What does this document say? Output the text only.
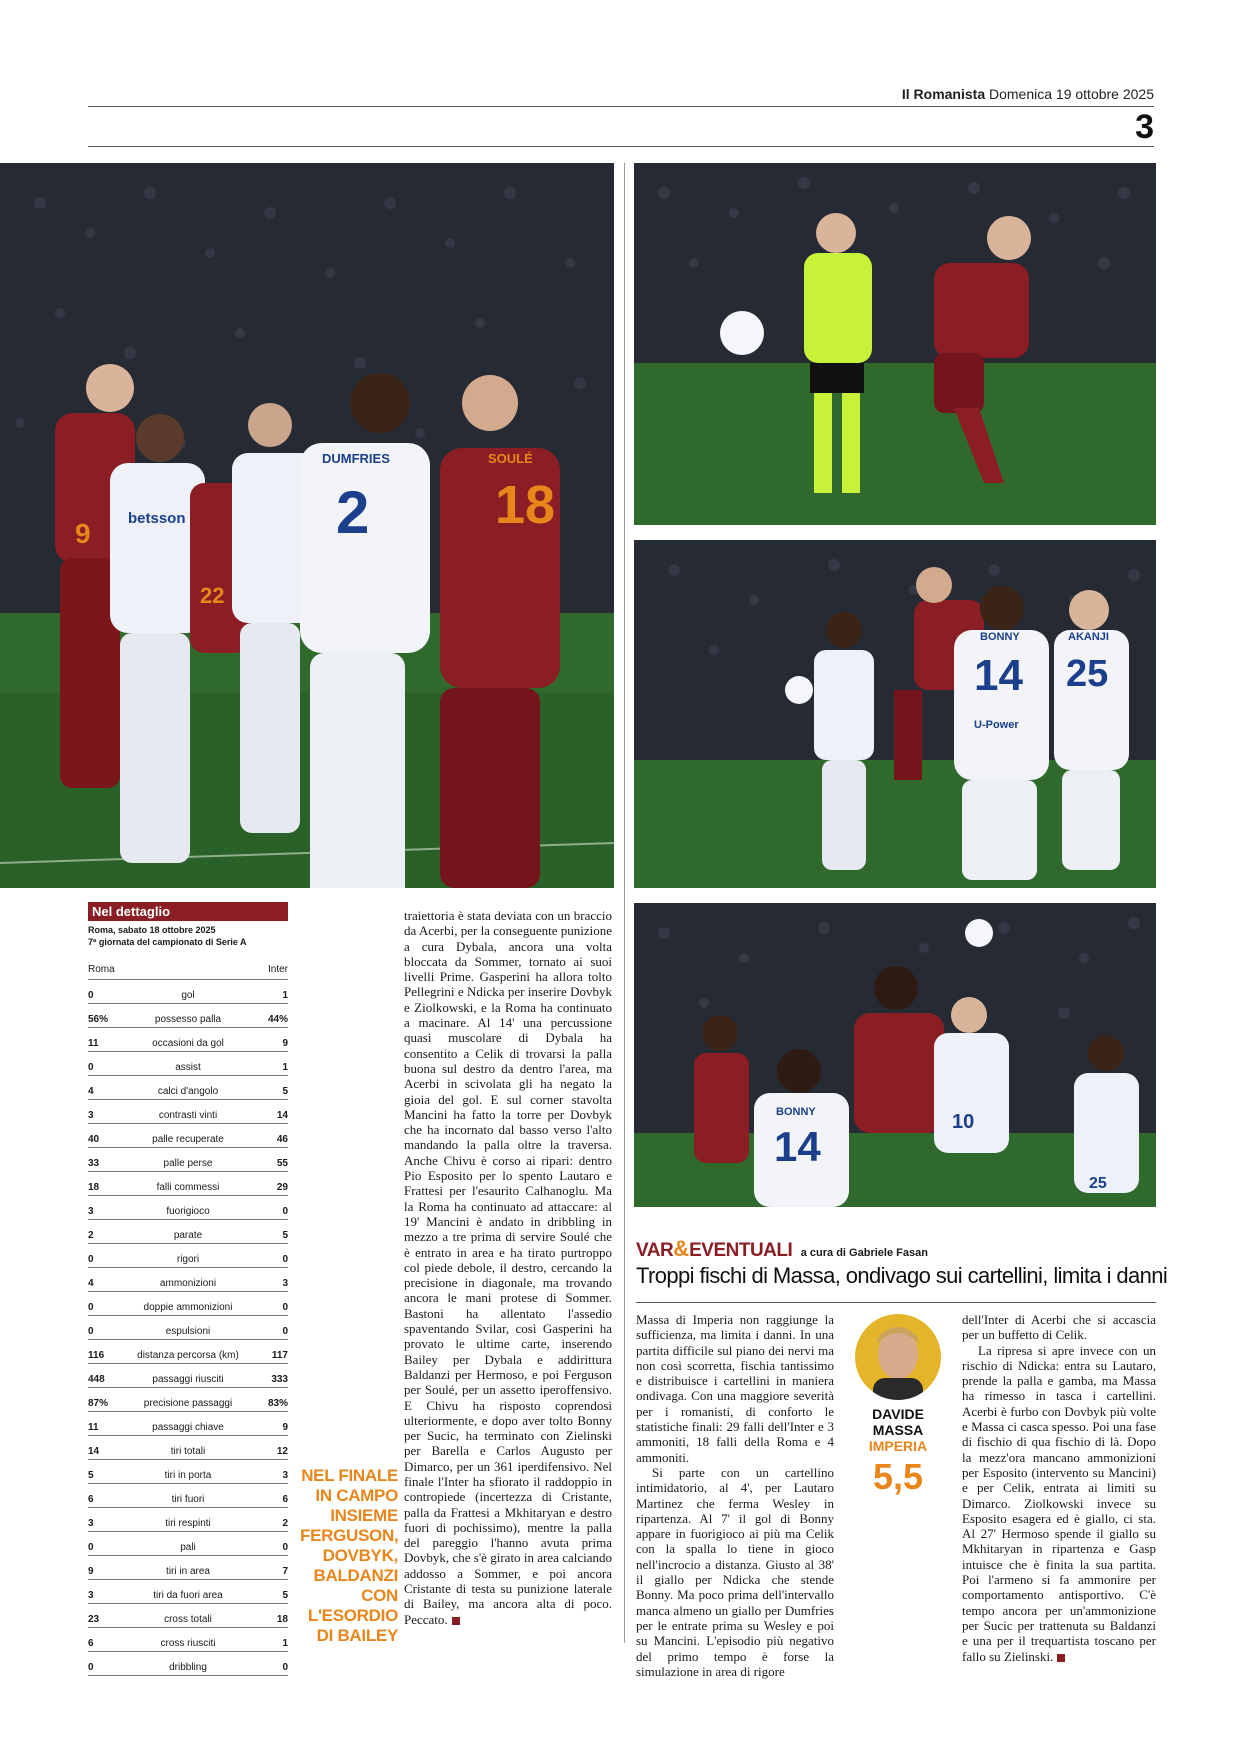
Il Romanista Domenica 19 ottobre 2025
3
9 betsson
22
DUMFRIES
2
SOULÉ
18
BONNY
14
U-Power
AKANJI
25
BONNY
14
10
25
Nel dettaglio
Roma, sabato 18 ottobre 2025
7ª giornata del campionato di Serie A
Roma	Inter
0	gol	1
56%	possesso palla	44%
11	occasioni da gol	9
0	assist	1
4	calci d'angolo	5
3	contrasti vinti	14
40	palle recuperate	46
33	palle perse	55
18	falli commessi	29
3	fuorigioco	0
2	parate	5
0	rigori	0
4	ammonizioni	3
0	doppie ammonizioni	0
0	espulsioni	0
116	distanza percorsa (km)	117
448	passaggi riusciti	333
87%	precisione passaggi	83%
11	passaggi chiave	9
14	tiri totali	12
5	tiri in porta	3
6	tiri fuori	6
3	tiri respinti	2
0	pali	0
9	tiri in area	7
3	tiri da fuori area	5
23	cross totali	18
6	cross riusciti	1
0	dribbling	0
NEL FINALE IN CAMPO INSIEME FERGUSON, DOVBYK, BALDANZI CON L'ESORDIO DI BAILEY

traiettoria è stata deviata con un braccio da Acerbi, per la conseguente punizione a cura Dybala, ancora una volta bloccata da Sommer, tornato ai suoi livelli Prime. Gasperini ha allora tolto Pellegrini e Ndicka per inserire Dovbyk e Ziolkowski, e la Roma ha continuato a macinare. Al 14' una percussione quasi muscolare di Dybala ha consentito a Celik di trovarsi la palla buona sul destro da dentro l'area, ma Acerbi in scivolata gli ha negato la gioia del gol. E sul corner stavolta Mancini ha fatto la torre per Dovbyk che ha incornato dal basso verso l'alto mandando la palla oltre la traversa. Anche Chivu è corso ai ripari: dentro Pio Esposito per lo spento Lautaro e Frattesi per l'esaurito Calhanoglu. Ma la Roma ha continuato ad attaccare: al 19' Mancini è andato in dribbling in mezzo a tre prima di servire Soulé che è entrato in area e ha tirato purtroppo col piede debole, il destro, cercando la precisione in diagonale, ma trovando ancora le mani protese di Sommer. Bastoni ha allentato l'assedio spaventando Svilar, così Gasperini ha provato le ultime carte, inserendo Bailey per Dybala e addirittura Baldanzi per Hermoso, e poi Ferguson per Soulé, per un assetto iperoffensivo. E Chivu ha risposto coprendosi ulteriormente, e dopo aver tolto Bonny per Sucic, ha terminato con Zielinski per Barella e Carlos Augusto per Dimarco, per un 361 iperdifensivo. Nel finale l'Inter ha sfiorato il raddoppio in contropiede (incertezza di Cristante, palla da Frattesi a Mkhitaryan e destro fuori di pochissimo), mentre la palla del pareggio l'hanno avuta prima Dovbyk, che s'è girato in area calciando addosso a Sommer, e poi ancora Cristante di testa su punizione laterale di Bailey, ma ancora alta di poco. Peccato.

VAR&EVENTUALI a cura di Gabriele Fasan
Troppi fischi di Massa, ondivago sui cartellini, limita i danni

Massa di Imperia non raggiunge la sufficienza, ma limita i danni. In una partita difficile sul piano dei nervi ma non così scorretta, fischia tantissimo e distribuisce i cartellini in maniera ondivaga. Con una maggiore severità per i romanisti, di conforto le statistiche finali: 29 falli dell'Inter e 3 ammoniti, 18 falli della Roma e 4 ammoniti.

Si parte con un cartellino intimidatorio, al 4', per Lautaro Martinez che ferma Wesley in ripartenza. Al 7' il gol di Bonny appare in fuorigioco ai più ma Celik con la spalla lo tiene in gioco nell'incrocio a distanza. Giusto al 38' il giallo per Ndicka che stende Bonny. Ma poco prima dell'intervallo manca almeno un giallo per Dumfries per le entrate prima su Wesley e poi su Mancini. L'episodio più negativo del primo tempo è forse la simulazione in area di rigore

DAVIDE
MASSA
IMPERIA
5,5

dell'Inter di Acerbi che si accascia per un buffetto di Celik.

La ripresa si apre invece con un rischio di Ndicka: entra su Lautaro, prende la palla e gamba, ma Massa ha rimesso in tasca i cartellini. Acerbi è furbo con Dovbyk più volte e Massa ci casca spesso. Poi una fase di fischio di qua fischio di là. Dopo la mezz'ora mancano ammonizioni per Esposito (intervento su Mancini) e per Celik, entrata ai limiti su Dimarco. Ziolkowski invece su Esposito esagera ed è giallo, ci sta. Al 27' Hermoso spende il giallo su Mkhitaryan in ripartenza e Gasp intuisce che è finita la sua partita. Poi l'armeno si fa ammonire per comportamento antisportivo. C'è tempo ancora per un'ammonizione per Sucic per trattenuta su Baldanzi e una per il trequartista toscano per fallo su Zielinski.
